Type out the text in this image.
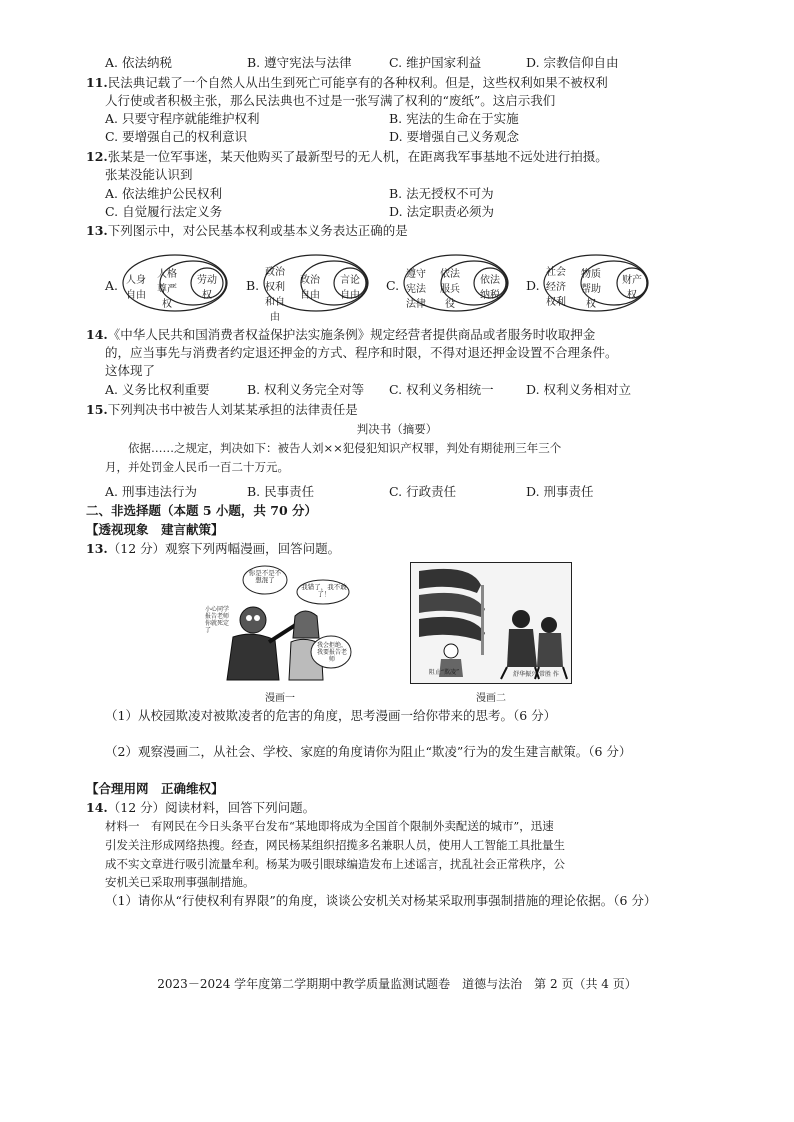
A. 依法纳税	B. 遵守宪法与法律	C. 维护国家利益	D. 宗教信仰自由
11.民法典记载了一个自然人从出生到死亡可能享有的各种权利。但是，这些权利如果不被权利
人行使或者积极主张，那么民法典也不过是一张写满了权利的“废纸”。这启示我们
A. 只要守程序就能维护权利	B. 宪法的生命在于实施
C. 要增强自己的权利意识	D. 要增强自己义务观念
12.张某是一位军事迷，某天他购买了最新型号的无人机，在距离我军事基地不远处进行拍摄。
张某没能认识到
A. 依法维护公民权利	B. 法无授权不可为
C. 自觉履行法定义务	D. 法定职责必须为
13.下列图示中，对公民基本权利或基本义务表达正确的是
A. 人身自由
人格尊严权
劳动权
B.
政治权利和自由
政治自由
言论自由
C.
遵守宪法法律
依法服兵役
依法纳税
D.
社会经济权利
物质帮助权
财产权
14.《中华人民共和国消费者权益保护法实施条例》规定经营者提供商品或者服务时收取押金
的，应当事先与消费者约定退还押金的方式、程序和时限，不得对退还押金设置不合理条件。
这体现了
A. 义务比权利重要	B. 权利义务完全对等 C. 权利义务相统一	D. 权利义务相对立
15.下列判决书中被告人刘某某承担的法律责任是
判决书（摘要）
依据……之规定，判决如下：被告人刘××犯侵犯知识产权罪，判处有期徒刑三年三个
月，并处罚金人民币一百二十万元。
A. 刑事违法行为	B. 民事责任	C. 行政责任	D. 刑事责任
二、非选择题（本题 5 小题，共 70 分）
【透视现象　建言献策】
13.（12 分）观察下列两幅漫画，回答问题。
你是不是不想混了
我错了，我不敢了！
小心同学报告老师你就死定了
我会拒绝，我要报告老师
漫画一
阻止“欺凌”	舒华振兴 常胜 作
漫画二
（1）从校园欺凌对被欺凌者的危害的角度，思考漫画一给你带来的思考。（6 分）
（2）观察漫画二，从社会、学校、家庭的角度请你为阻止“欺凌”行为的发生建言献策。（6 分）
【合理用网　正确维权】
14.（12 分）阅读材料，回答下列问题。
材料一　有网民在今日头条平台发布“某地即将成为全国首个限制外卖配送的城市”，迅速
引发关注形成网络热搜。经查，网民杨某组织招揽多名兼职人员，使用人工智能工具批量生
成不实文章进行吸引流量牟利。杨某为吸引眼球编造发布上述谣言，扰乱社会正常秩序，公
安机关已采取刑事强制措施。
（1）请你从“行使权利有界限”的角度，谈谈公安机关对杨某采取刑事强制措施的理论依据。（6 分）
2023－2024 学年度第二学期期中教学质量监测试题卷　道德与法治　第 2 页（共 4 页）
